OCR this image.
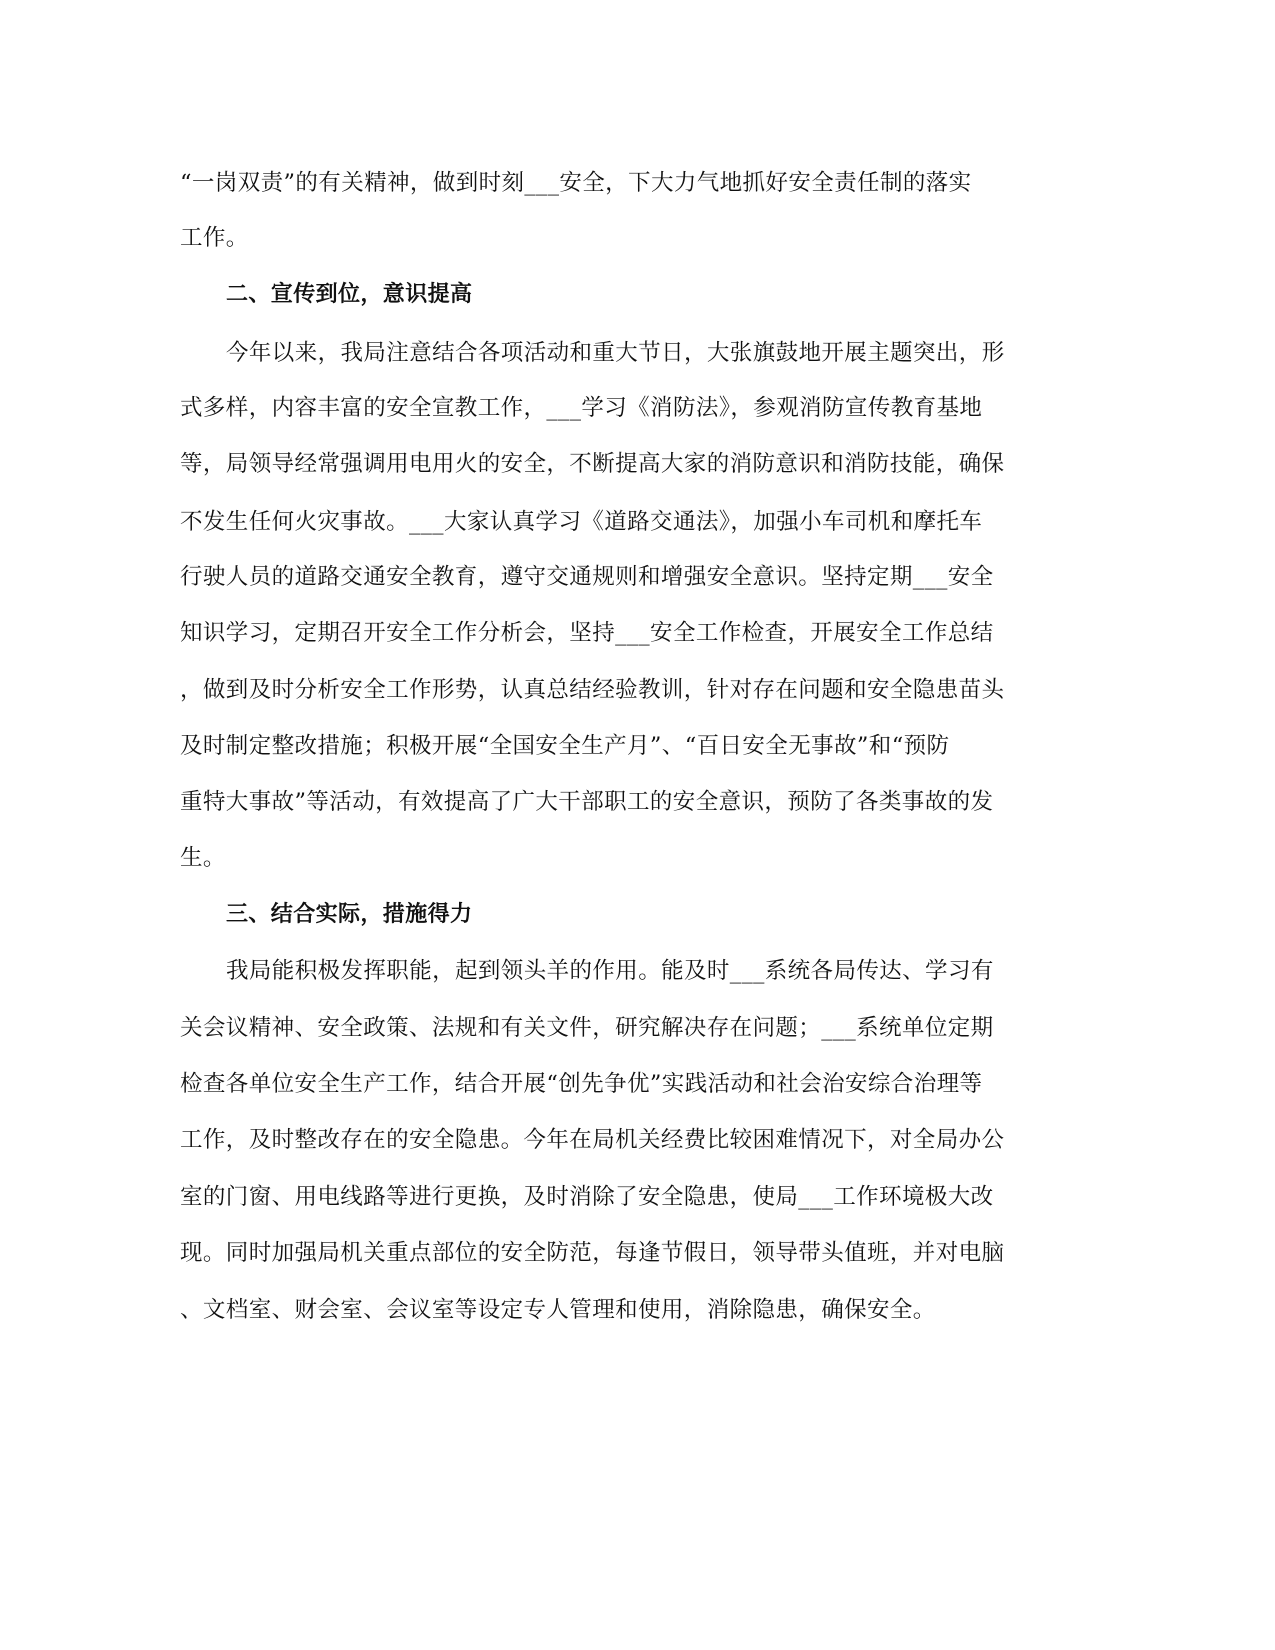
“一岗双责”的有关精神，做到时刻___安全，下大力气地抓好安全责任制的落实
工作。
二、宣传到位，意识提高
今年以来，我局注意结合各项活动和重大节日，大张旗鼓地开展主题突出，形
式多样，内容丰富的安全宣教工作，___学习《消防法》，参观消防宣传教育基地
等，局领导经常强调用电用火的安全，不断提高大家的消防意识和消防技能，确保
不发生任何火灾事故。___大家认真学习《道路交通法》，加强小车司机和摩托车
行驶人员的道路交通安全教育，遵守交通规则和增强安全意识。坚持定期___安全
知识学习，定期召开安全工作分析会，坚持___安全工作检查，开展安全工作总结
，做到及时分析安全工作形势，认真总结经验教训，针对存在问题和安全隐患苗头
及时制定整改措施；积极开展“全国安全生产月”、“百日安全无事故”和“预防
重特大事故”等活动，有效提高了广大干部职工的安全意识，预防了各类事故的发
生。
三、结合实际，措施得力
我局能积极发挥职能，起到领头羊的作用。能及时___系统各局传达、学习有
关会议精神、安全政策、法规和有关文件，研究解决存在问题；___系统单位定期
检查各单位安全生产工作，结合开展“创先争优”实践活动和社会治安综合治理等
工作，及时整改存在的安全隐患。今年在局机关经费比较困难情况下，对全局办公
室的门窗、用电线路等进行更换，及时消除了安全隐患，使局___工作环境极大改
现。同时加强局机关重点部位的安全防范，每逢节假日，领导带头值班，并对电脑
、文档室、财会室、会议室等设定专人管理和使用，消除隐患，确保安全。
